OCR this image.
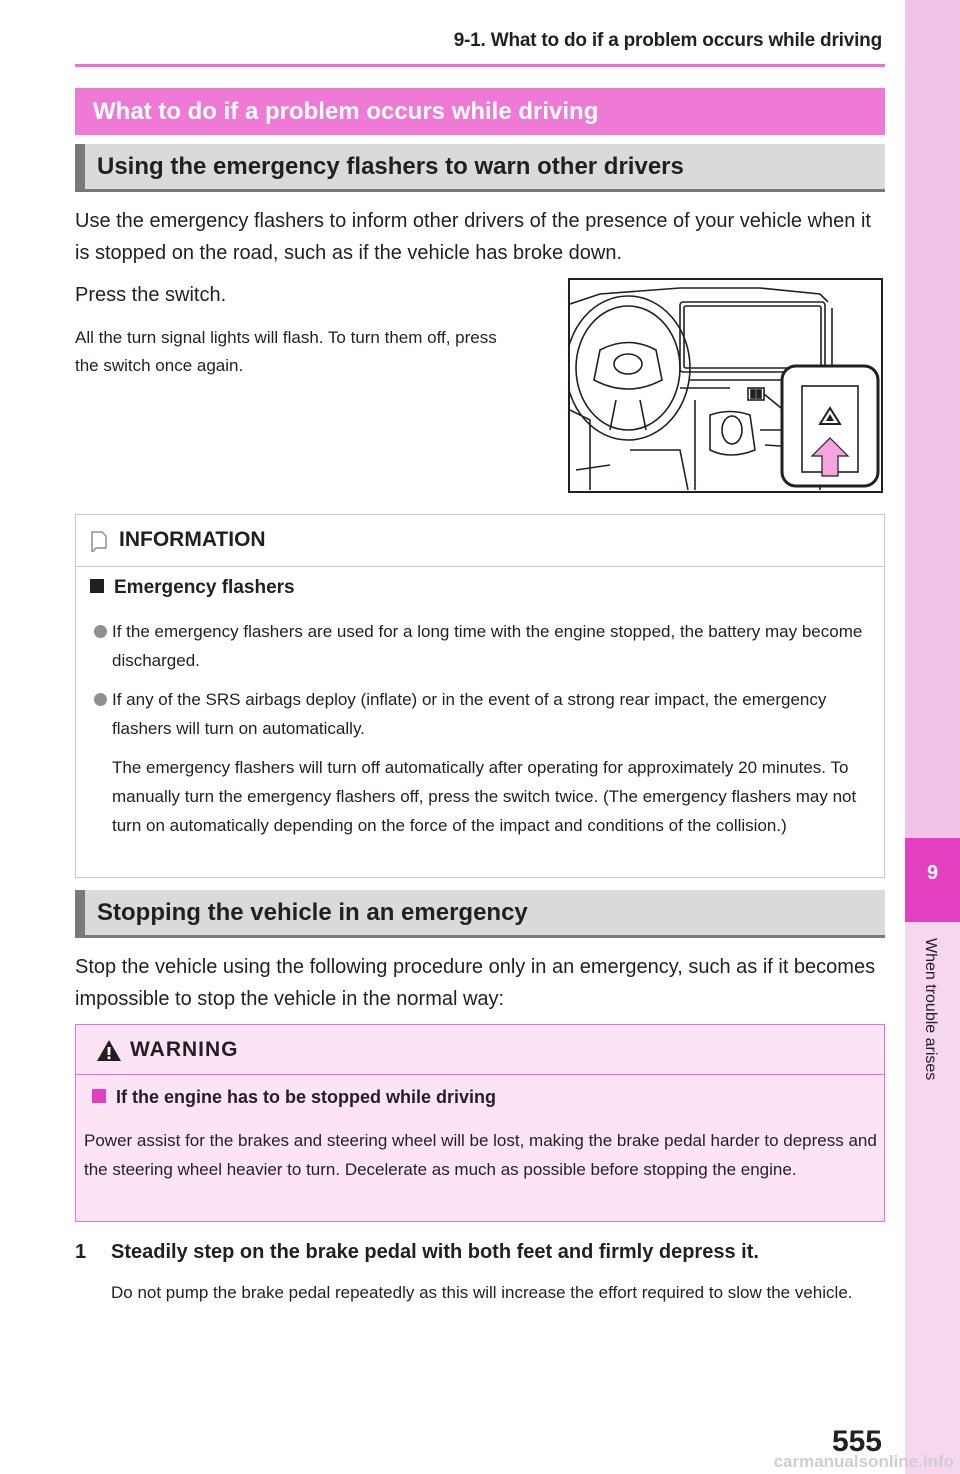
9-1. What to do if a problem occurs while driving
9
When trouble arises
What to do if a problem occurs while driving
Using the emergency flashers to warn other drivers
Use the emergency flashers to inform other drivers of the presence of your vehicle when it is stopped on the road, such as if the vehicle has broke down.
Press the switch.
All the turn signal lights will flash. To turn them off, press the switch once again.
INFORMATION
Emergency flashers
If the emergency flashers are used for a long time with the engine stopped, the battery may become discharged.
If any of the SRS airbags deploy (inflate) or in the event of a strong rear impact, the emergency flashers will turn on automatically.
The emergency flashers will turn off automatically after operating for approximately 20 minutes. To manually turn the emergency flashers off, press the switch twice. (The emergency flashers may not turn on automatically depending on the force of the impact and conditions of the collision.)
Stopping the vehicle in an emergency
Stop the vehicle using the following procedure only in an emergency, such as if it becomes impossible to stop the vehicle in the normal way:
WARNING
If the engine has to be stopped while driving
Power assist for the brakes and steering wheel will be lost, making the brake pedal harder to depress and the steering wheel heavier to turn. Decelerate as much as possible before stopping the engine.
1 Steadily step on the brake pedal with both feet and firmly depress it.
Do not pump the brake pedal repeatedly as this will increase the effort required to slow the vehicle.
555
carmanualsonline.info
